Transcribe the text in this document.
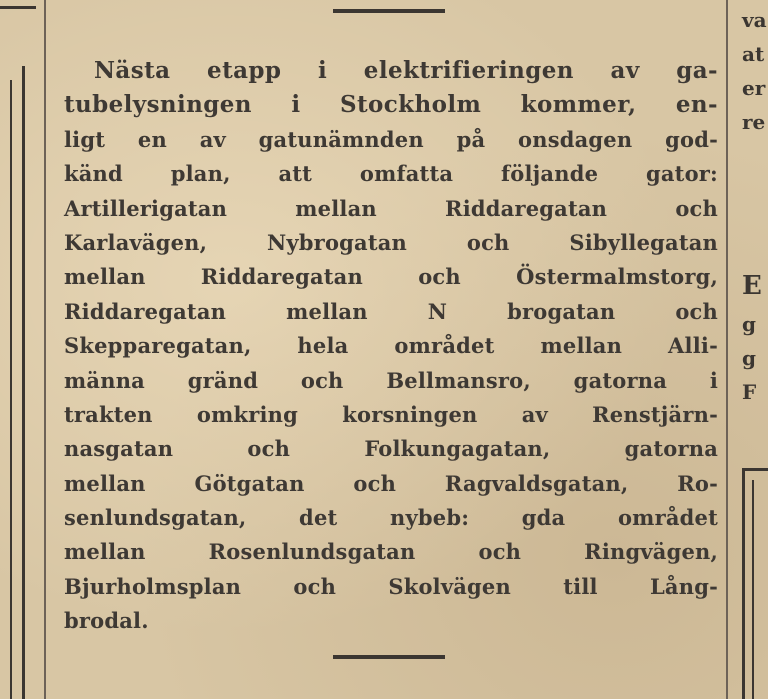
Nästa etapp i elektrifieringen av ga-
tubelysningen i Stockholm kommer, en-
ligt en av gatunämnden på onsdagen god-
känd plan, att omfatta följande gator:
Artillerigatan mellan Riddaregatan och
Karlavägen, Nybrogatan och Sibyllegatan
mellan Riddaregatan och Östermalmstorg,
Riddaregatan mellan N brogatan och
Skepparegatan, hela området mellan Alli-
männa gränd och Bellmansro, gatorna i
trakten omkring korsningen av Renstjärn-
nasgatan och Folkungagatan, gatorna
mellan Götgatan och Ragvaldsgatan, Ro-
senlundsgatan, det nybeb: gda området
mellan Rosenlundsgatan och Ringvägen,
Bjurholmsplan och Skolvägen till Lång-
brodal.
va
at
er
re
E
g
g
F
